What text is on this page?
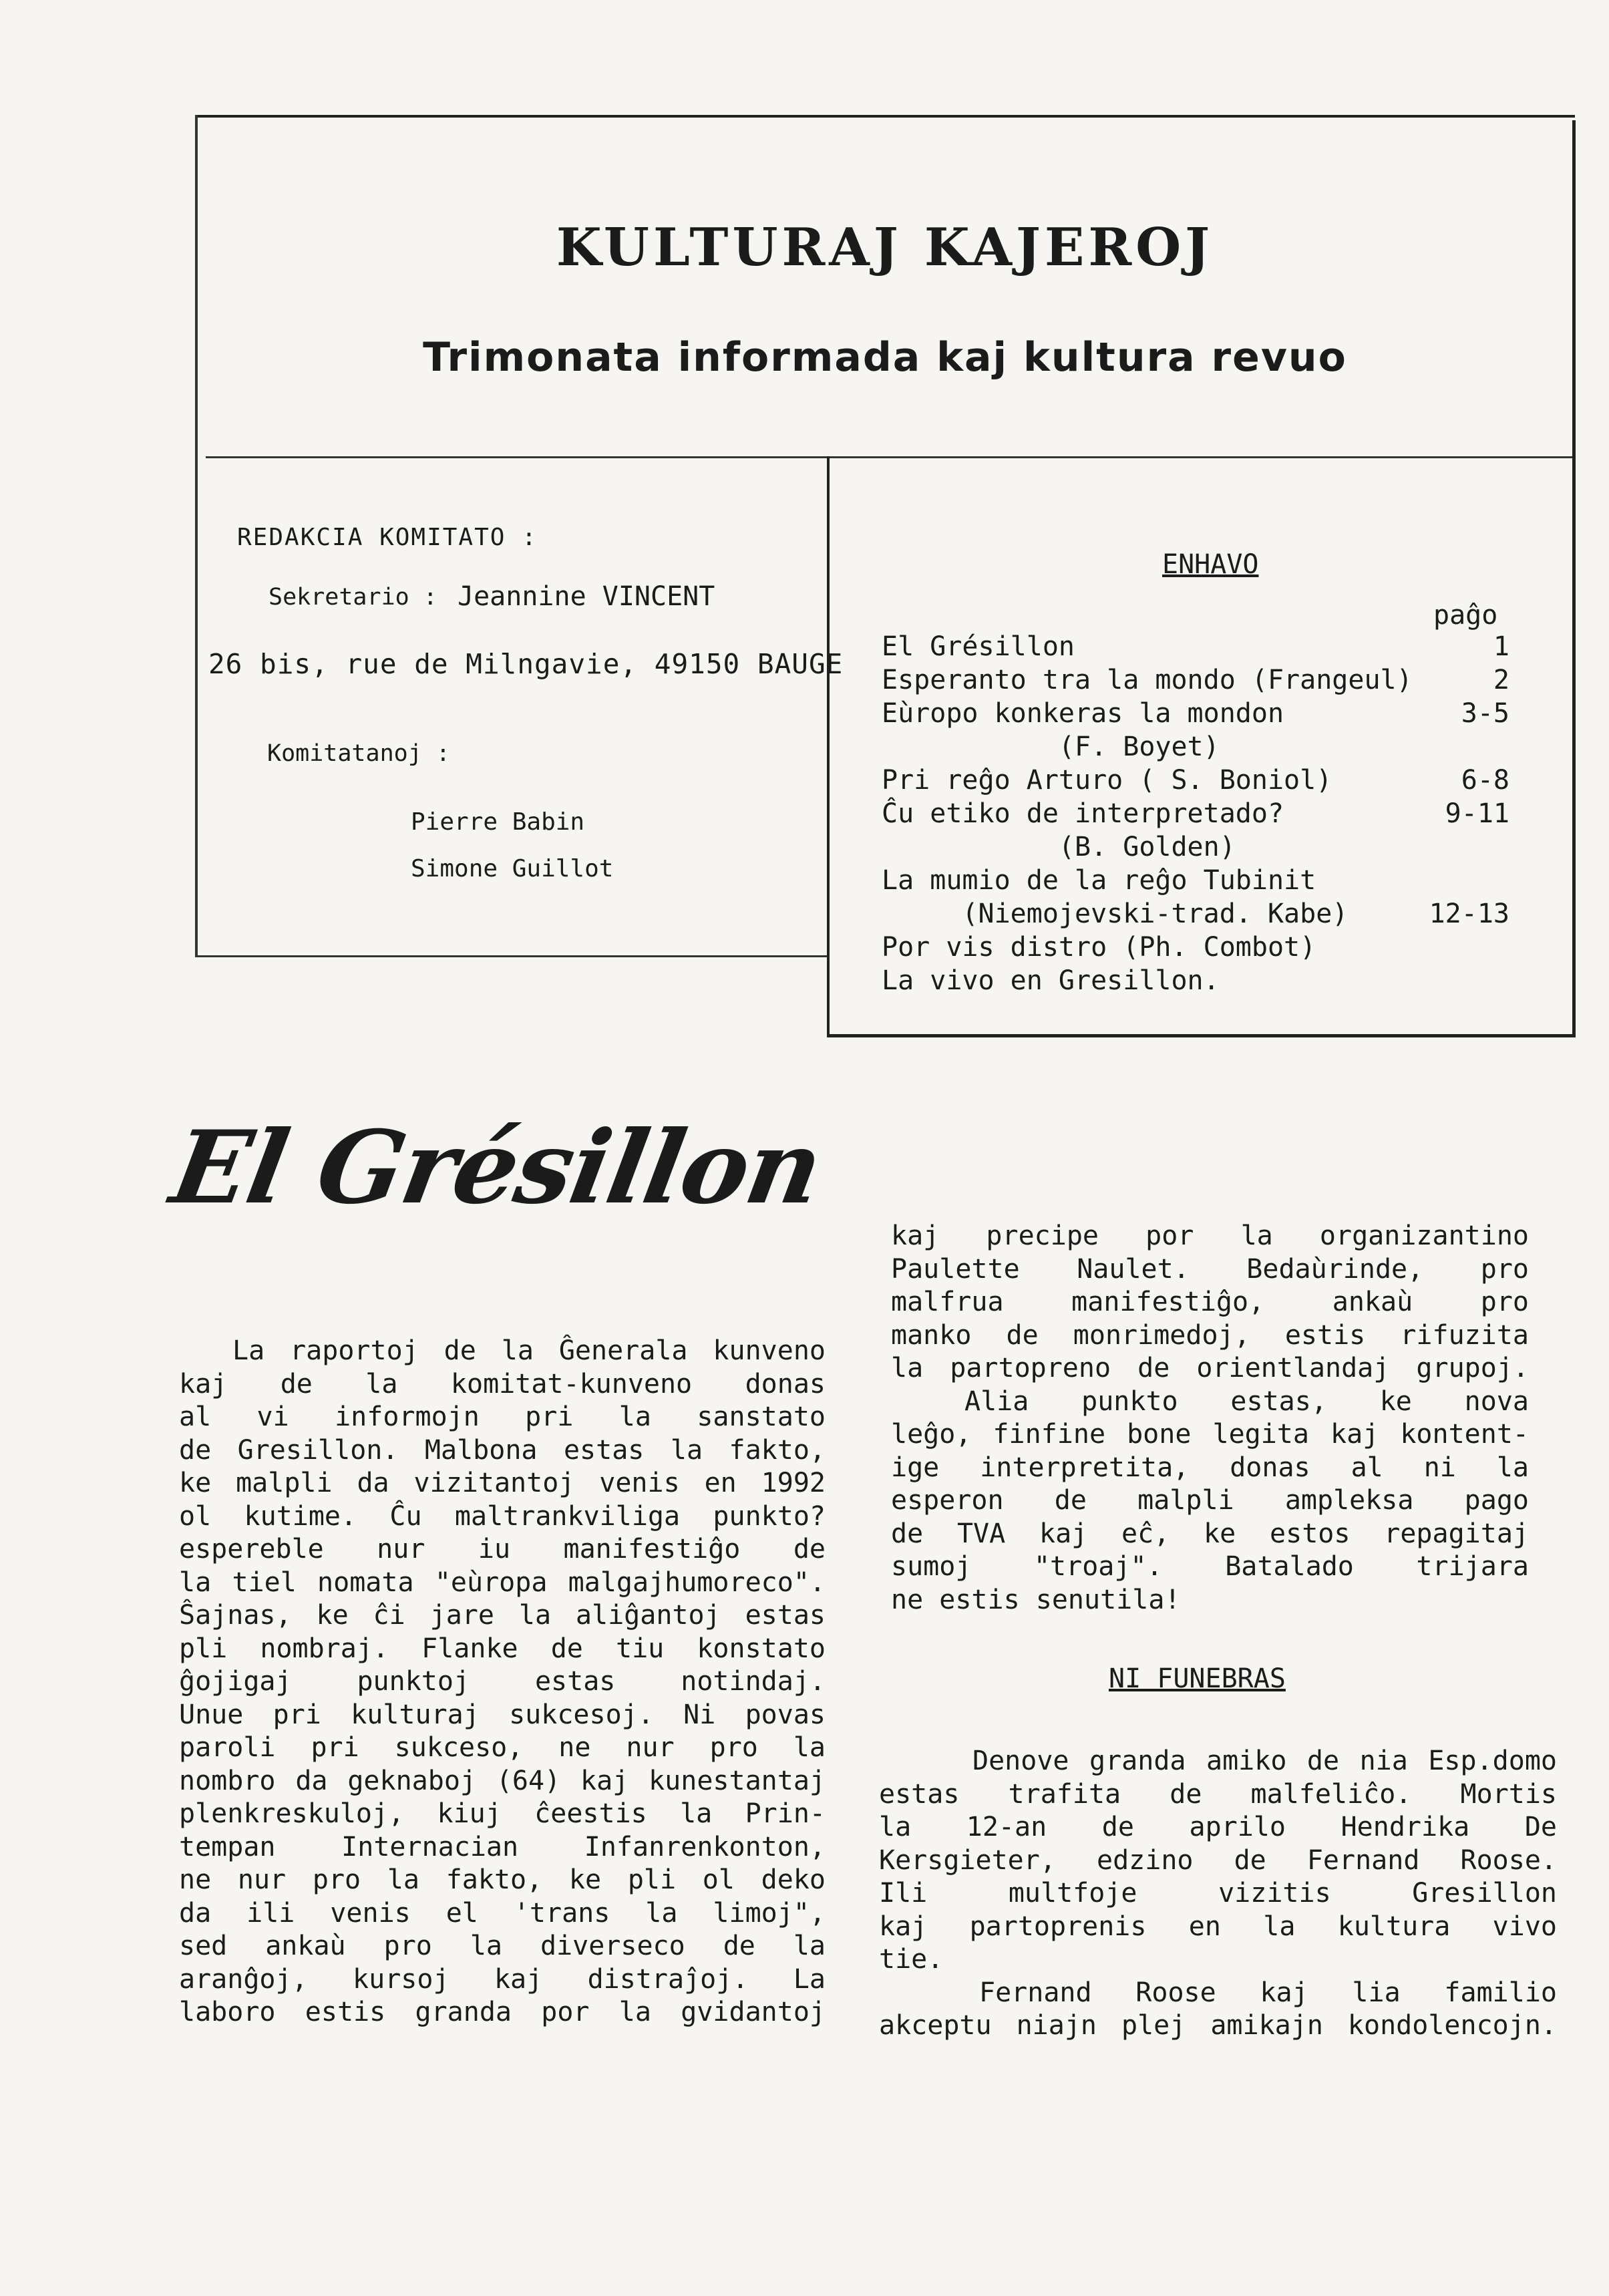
KULTURAJ KAJEROJ
Trimonata informada kaj kultura revuo
REDAKCIA KOMITATO :
Sekretario : Jeannine VINCENT
26 bis, rue de Milngavie, 49150 BAUGE
Komitatanoj :
Pierre Babin
Simone Guillot
ENHAVO
paĝo
El Grésillon
La raportoj de la Ĝenerala kunveno
kaj de la komitat-kunveno donas
al vi informojn pri la sanstato
de Gresillon. Malbona estas la fakto,
ke malpli da vizitantoj venis en 1992
ol kutime. Ĉu maltrankviliga punkto?
espereble nur iu manifestiĝo de
la tiel nomata "eùropa malgajhumoreco".
Ŝajnas, ke ĉi jare la aliĝantoj estas
pli nombraj. Flanke de tiu konstato
ĝojigaj punktoj estas notindaj.
Unue pri kulturaj sukcesoj. Ni povas
paroli pri sukceso, ne nur pro la
nombro da geknaboj (64) kaj kunestantaj
plenkreskuloj, kiuj ĉeestis la Prin-
tempan Internacian Infanrenkonton,
ne nur pro la fakto, ke pli ol deko
da ili venis el 'trans la limoj",
sed ankaù pro la diverseco de la
aranĝoj, kursoj kaj distraĵoj. La
laboro estis granda por la gvidantoj
kaj precipe por la organizantino
Paulette Naulet. Bedaùrinde, pro
malfrua manifestiĝo, ankaù pro
manko de monrimedoj, estis rifuzita
la partopreno de orientlandaj grupoj.
Alia punkto estas, ke nova
leĝo, finfine bone legita kaj kontent-
ige interpretita, donas al ni la
esperon de malpli ampleksa pago
de TVA kaj eĉ, ke estos repagitaj
sumoj "troaj". Batalado trijara
ne estis senutila!
NI FUNEBRAS
Denove granda amiko de nia Esp.domo
estas trafita de malfeliĉo. Mortis
la 12-an de aprilo Hendrika De
Kersgieter, edzino de Fernand Roose.
Ili multfoje vizitis Gresillon
kaj partoprenis en la kultura vivo
tie.
Fernand Roose kaj lia familio
akceptu niajn plej amikajn kondolencojn.
El Grésillon	1
Esperanto tra la mondo (Frangeul)	2
Eùropo konkeras la mondon	3-5
(F. Boyet)
Pri reĝo Arturo ( S. Boniol)	6-8
Ĉu etiko de interpretado?	9-11
(B. Golden)
La mumio de la reĝo Tubinit
(Niemojevski-trad. Kabe)	12-13
Por vis distro (Ph. Combot)
La vivo en Gresillon.
